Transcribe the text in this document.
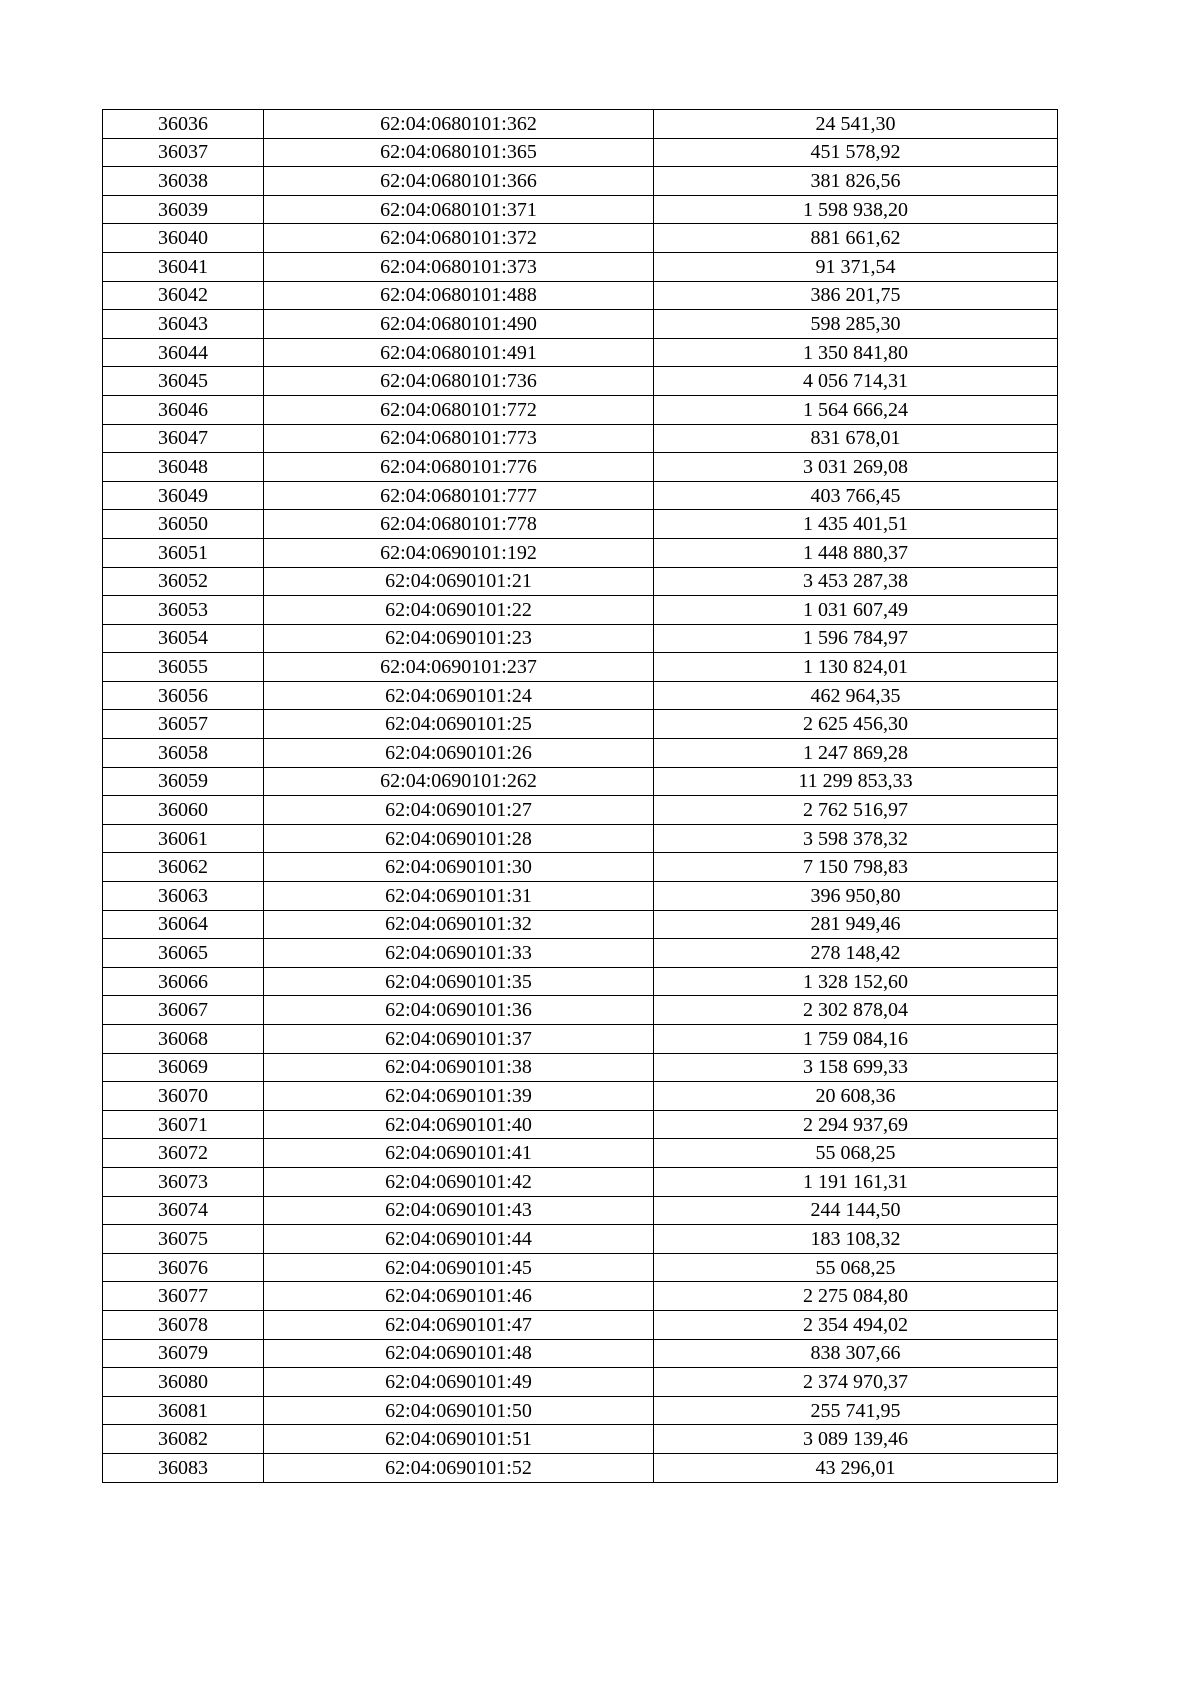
36036	62:04:0680101:362	24 541,30
36037	62:04:0680101:365	451 578,92
36038	62:04:0680101:366	381 826,56
36039	62:04:0680101:371	1 598 938,20
36040	62:04:0680101:372	881 661,62
36041	62:04:0680101:373	91 371,54
36042	62:04:0680101:488	386 201,75
36043	62:04:0680101:490	598 285,30
36044	62:04:0680101:491	1 350 841,80
36045	62:04:0680101:736	4 056 714,31
36046	62:04:0680101:772	1 564 666,24
36047	62:04:0680101:773	831 678,01
36048	62:04:0680101:776	3 031 269,08
36049	62:04:0680101:777	403 766,45
36050	62:04:0680101:778	1 435 401,51
36051	62:04:0690101:192	1 448 880,37
36052	62:04:0690101:21	3 453 287,38
36053	62:04:0690101:22	1 031 607,49
36054	62:04:0690101:23	1 596 784,97
36055	62:04:0690101:237	1 130 824,01
36056	62:04:0690101:24	462 964,35
36057	62:04:0690101:25	2 625 456,30
36058	62:04:0690101:26	1 247 869,28
36059	62:04:0690101:262	11 299 853,33
36060	62:04:0690101:27	2 762 516,97
36061	62:04:0690101:28	3 598 378,32
36062	62:04:0690101:30	7 150 798,83
36063	62:04:0690101:31	396 950,80
36064	62:04:0690101:32	281 949,46
36065	62:04:0690101:33	278 148,42
36066	62:04:0690101:35	1 328 152,60
36067	62:04:0690101:36	2 302 878,04
36068	62:04:0690101:37	1 759 084,16
36069	62:04:0690101:38	3 158 699,33
36070	62:04:0690101:39	20 608,36
36071	62:04:0690101:40	2 294 937,69
36072	62:04:0690101:41	55 068,25
36073	62:04:0690101:42	1 191 161,31
36074	62:04:0690101:43	244 144,50
36075	62:04:0690101:44	183 108,32
36076	62:04:0690101:45	55 068,25
36077	62:04:0690101:46	2 275 084,80
36078	62:04:0690101:47	2 354 494,02
36079	62:04:0690101:48	838 307,66
36080	62:04:0690101:49	2 374 970,37
36081	62:04:0690101:50	255 741,95
36082	62:04:0690101:51	3 089 139,46
36083	62:04:0690101:52	43 296,01
